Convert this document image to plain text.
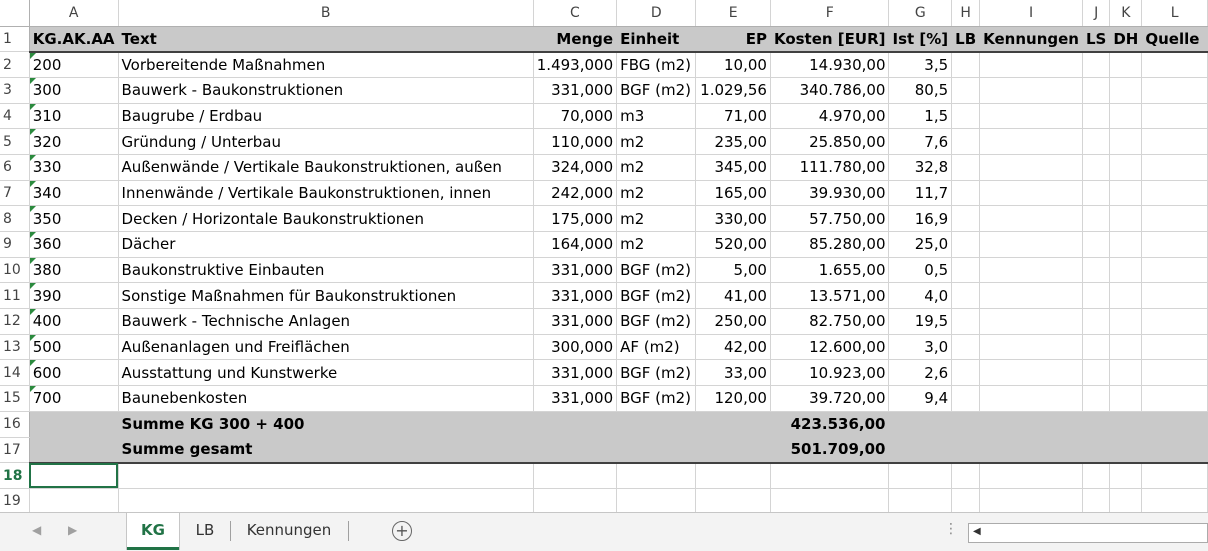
	A	B	C	D	E	F	G	H	I	J	K	L
1	KG.AK.AA	Text	Menge	Einheit	EP	Kosten [EUR]	Ist [%]	LB	Kennungen	LS	DH	Quelle
2	200	Vorbereitende Maßnahmen	1.493,000	FBG (m2)	10,00	14.930,00	3,5					
3	300	Bauwerk - Baukonstruktionen	331,000	BGF (m2)	1.029,56	340.786,00	80,5					
4	310	Baugrube / Erdbau	70,000	m3	71,00	4.970,00	1,5					
5	320	Gründung / Unterbau	110,000	m2	235,00	25.850,00	7,6					
6	330	Außenwände / Vertikale Baukonstruktionen, außen	324,000	m2	345,00	111.780,00	32,8					
7	340	Innenwände / Vertikale Baukonstruktionen, innen	242,000	m2	165,00	39.930,00	11,7					
8	350	Decken / Horizontale Baukonstruktionen	175,000	m2	330,00	57.750,00	16,9					
9	360	Dächer	164,000	m2	520,00	85.280,00	25,0					
10	380	Baukonstruktive Einbauten	331,000	BGF (m2)	5,00	1.655,00	0,5					
11	390	Sonstige Maßnahmen für Baukonstruktionen	331,000	BGF (m2)	41,00	13.571,00	4,0					
12	400	Bauwerk - Technische Anlagen	331,000	BGF (m2)	250,00	82.750,00	19,5					
13	500	Außenanlagen und Freiflächen	300,000	AF (m2)	42,00	12.600,00	3,0					
14	600	Ausstattung und Kunstwerke	331,000	BGF (m2)	33,00	10.923,00	2,6					
15	700	Baunebenkosten	331,000	BGF (m2)	120,00	39.720,00	9,4					
16		Summe KG 300 + 400				423.536,00						
17		Summe gesamt				501.709,00						
18												
19												
◀ ▶	KG	LB	Kennungen	+	⋮ ◀
